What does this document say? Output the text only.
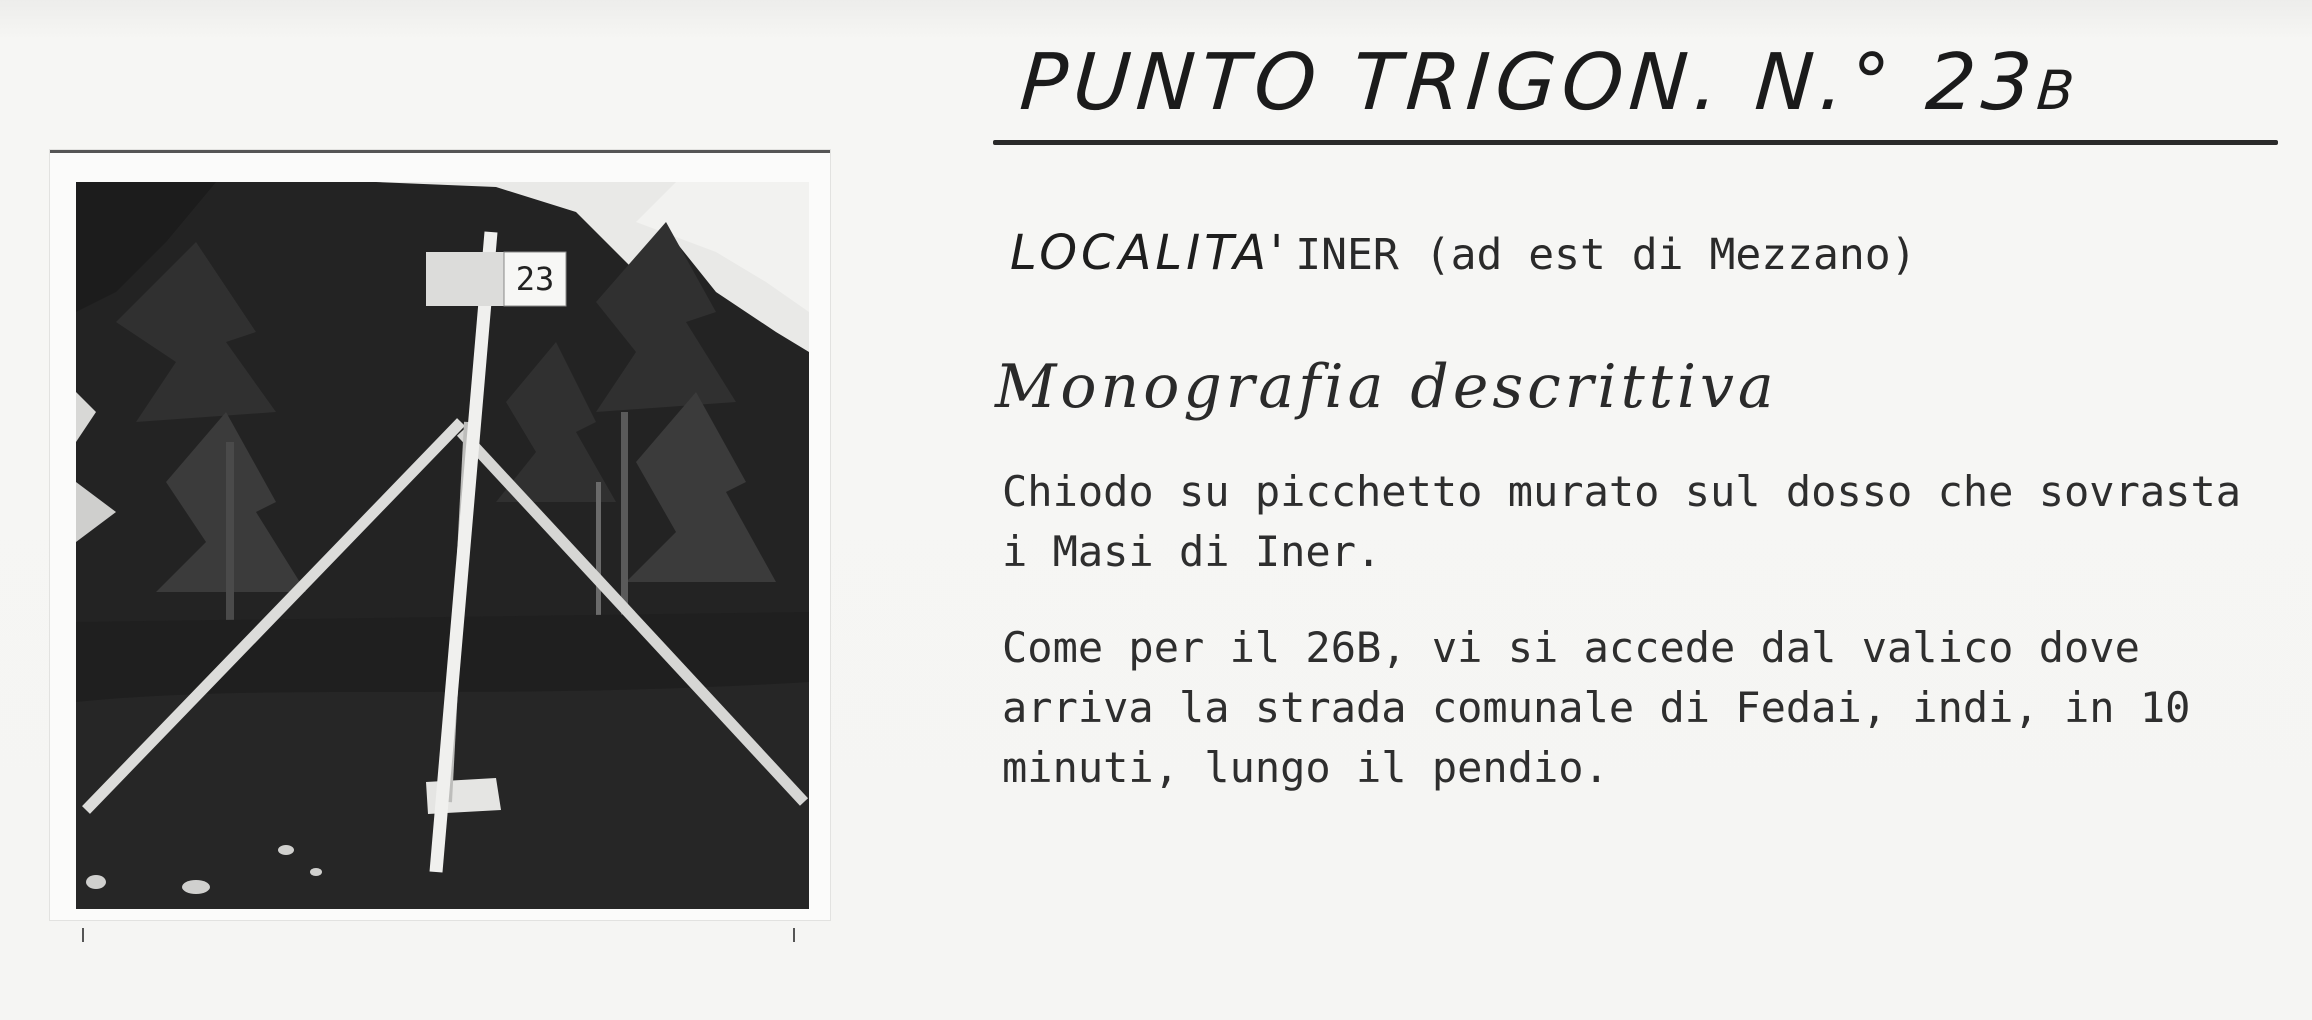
23
PUNTO TRIGON. N.° 23B
LOCALITA' INER (ad est di Mezzano)
Monografia descrittiva
Chiodo su picchetto murato sul dosso che sovrasta i Masi di Iner.
Come per il 26B, vi si accede dal valico dove arriva la strada comunale di Fedai, indi, in 10 minuti, lungo il pendio.
